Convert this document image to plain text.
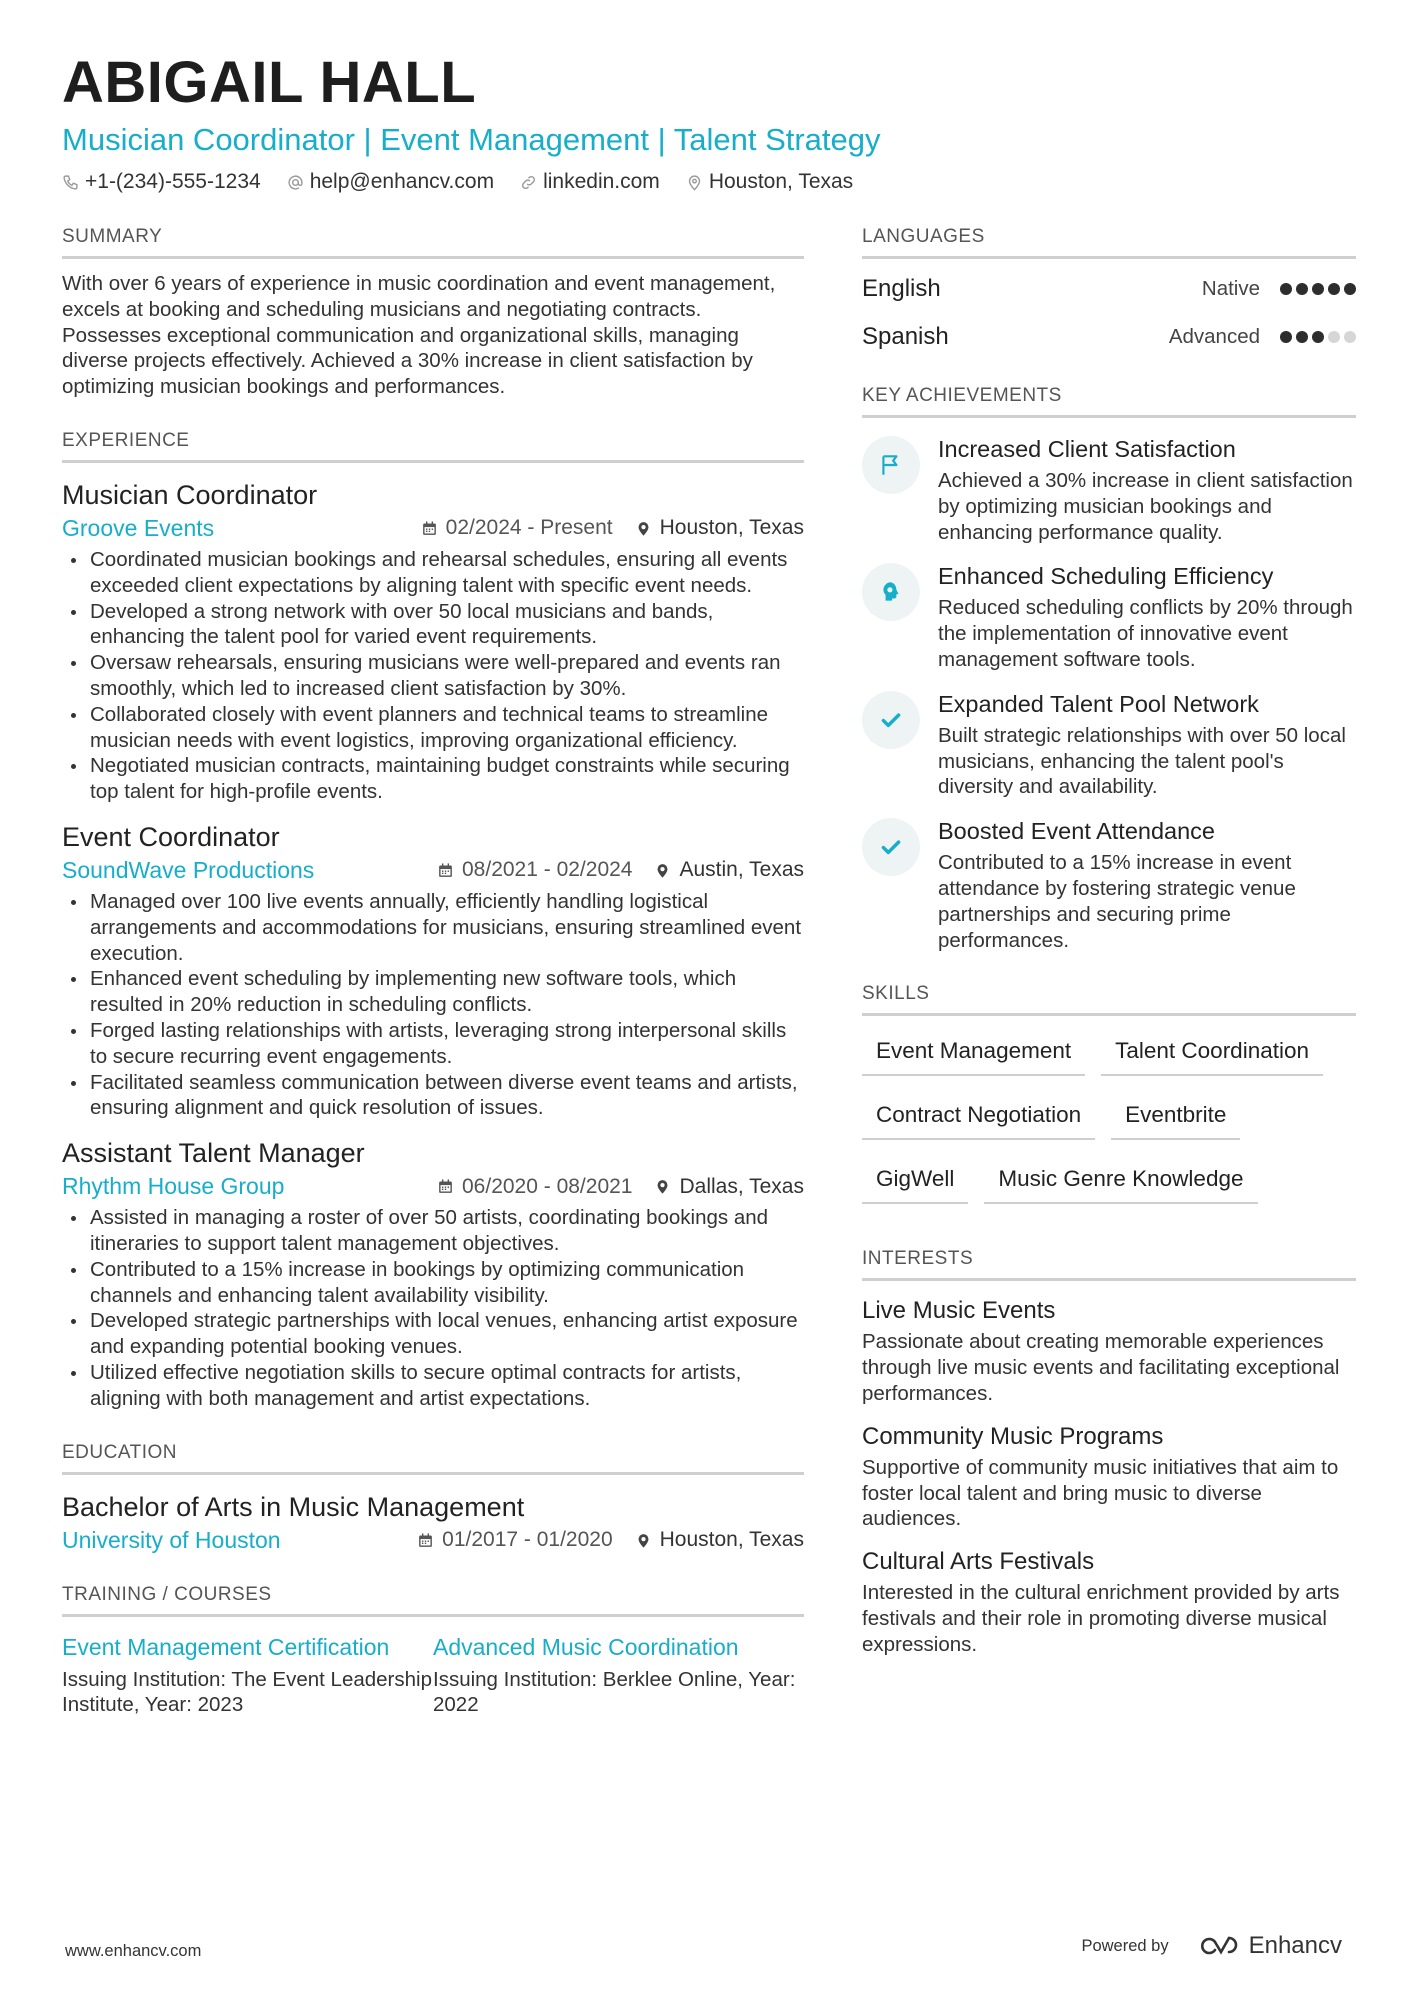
ABIGAIL HALL
Musician Coordinator | Event Management | Talent Strategy
+1-(234)-555-1234 help@enhancv.com linkedin.com Houston, Texas
SUMMARY
With over 6 years of experience in music coordination and event management, excels at booking and scheduling musicians and negotiating contracts. Possesses exceptional communication and organizational skills, managing diverse projects effectively. Achieved a 30% increase in client satisfaction by optimizing musician bookings and performances.
EXPERIENCE
Musician Coordinator
Groove Events	02/2024 - Present Houston, Texas
Coordinated musician bookings and rehearsal schedules, ensuring all events exceeded client expectations by aligning talent with specific event needs.
Developed a strong network with over 50 local musicians and bands, enhancing the talent pool for varied event requirements.
Oversaw rehearsals, ensuring musicians were well-prepared and events ran smoothly, which led to increased client satisfaction by 30%.
Collaborated closely with event planners and technical teams to streamline musician needs with event logistics, improving organizational efficiency.
Negotiated musician contracts, maintaining budget constraints while securing top talent for high-profile events.
Event Coordinator
SoundWave Productions	08/2021 - 02/2024 Austin, Texas
Managed over 100 live events annually, efficiently handling logistical arrangements and accommodations for musicians, ensuring streamlined event execution.
Enhanced event scheduling by implementing new software tools, which resulted in 20% reduction in scheduling conflicts.
Forged lasting relationships with artists, leveraging strong interpersonal skills to secure recurring event engagements.
Facilitated seamless communication between diverse event teams and artists, ensuring alignment and quick resolution of issues.
Assistant Talent Manager
Rhythm House Group	06/2020 - 08/2021 Dallas, Texas
Assisted in managing a roster of over 50 artists, coordinating bookings and itineraries to support talent management objectives.
Contributed to a 15% increase in bookings by optimizing communication channels and enhancing talent availability visibility.
Developed strategic partnerships with local venues, enhancing artist exposure and expanding potential booking venues.
Utilized effective negotiation skills to secure optimal contracts for artists, aligning with both management and artist expectations.
EDUCATION
Bachelor of Arts in Music Management
University of Houston	01/2017 - 01/2020 Houston, Texas
TRAINING / COURSES
Event Management Certification
Issuing Institution: The Event Leadership Institute, Year: 2023
Advanced Music Coordination
Issuing Institution: Berklee Online, Year: 2022
LANGUAGES
English	Native
Spanish	Advanced
KEY ACHIEVEMENTS
Increased Client Satisfaction
Achieved a 30% increase in client satisfaction by optimizing musician bookings and enhancing performance quality.
Enhanced Scheduling Efficiency
Reduced scheduling conflicts by 20% through the implementation of innovative event management software tools.
Expanded Talent Pool Network
Built strategic relationships with over 50 local musicians, enhancing the talent pool's diversity and availability.
Boosted Event Attendance
Contributed to a 15% increase in event attendance by fostering strategic venue partnerships and securing prime performances.
SKILLS
Event Management	Talent Coordination
Contract Negotiation	Eventbrite
GigWell	Music Genre Knowledge
INTERESTS
Live Music Events
Passionate about creating memorable experiences through live music events and facilitating exceptional performances.
Community Music Programs
Supportive of community music initiatives that aim to foster local talent and bring music to diverse audiences.
Cultural Arts Festivals
Interested in the cultural enrichment provided by arts festivals and their role in promoting diverse musical expressions.
www.enhancv.com	Powered by	Enhancv
